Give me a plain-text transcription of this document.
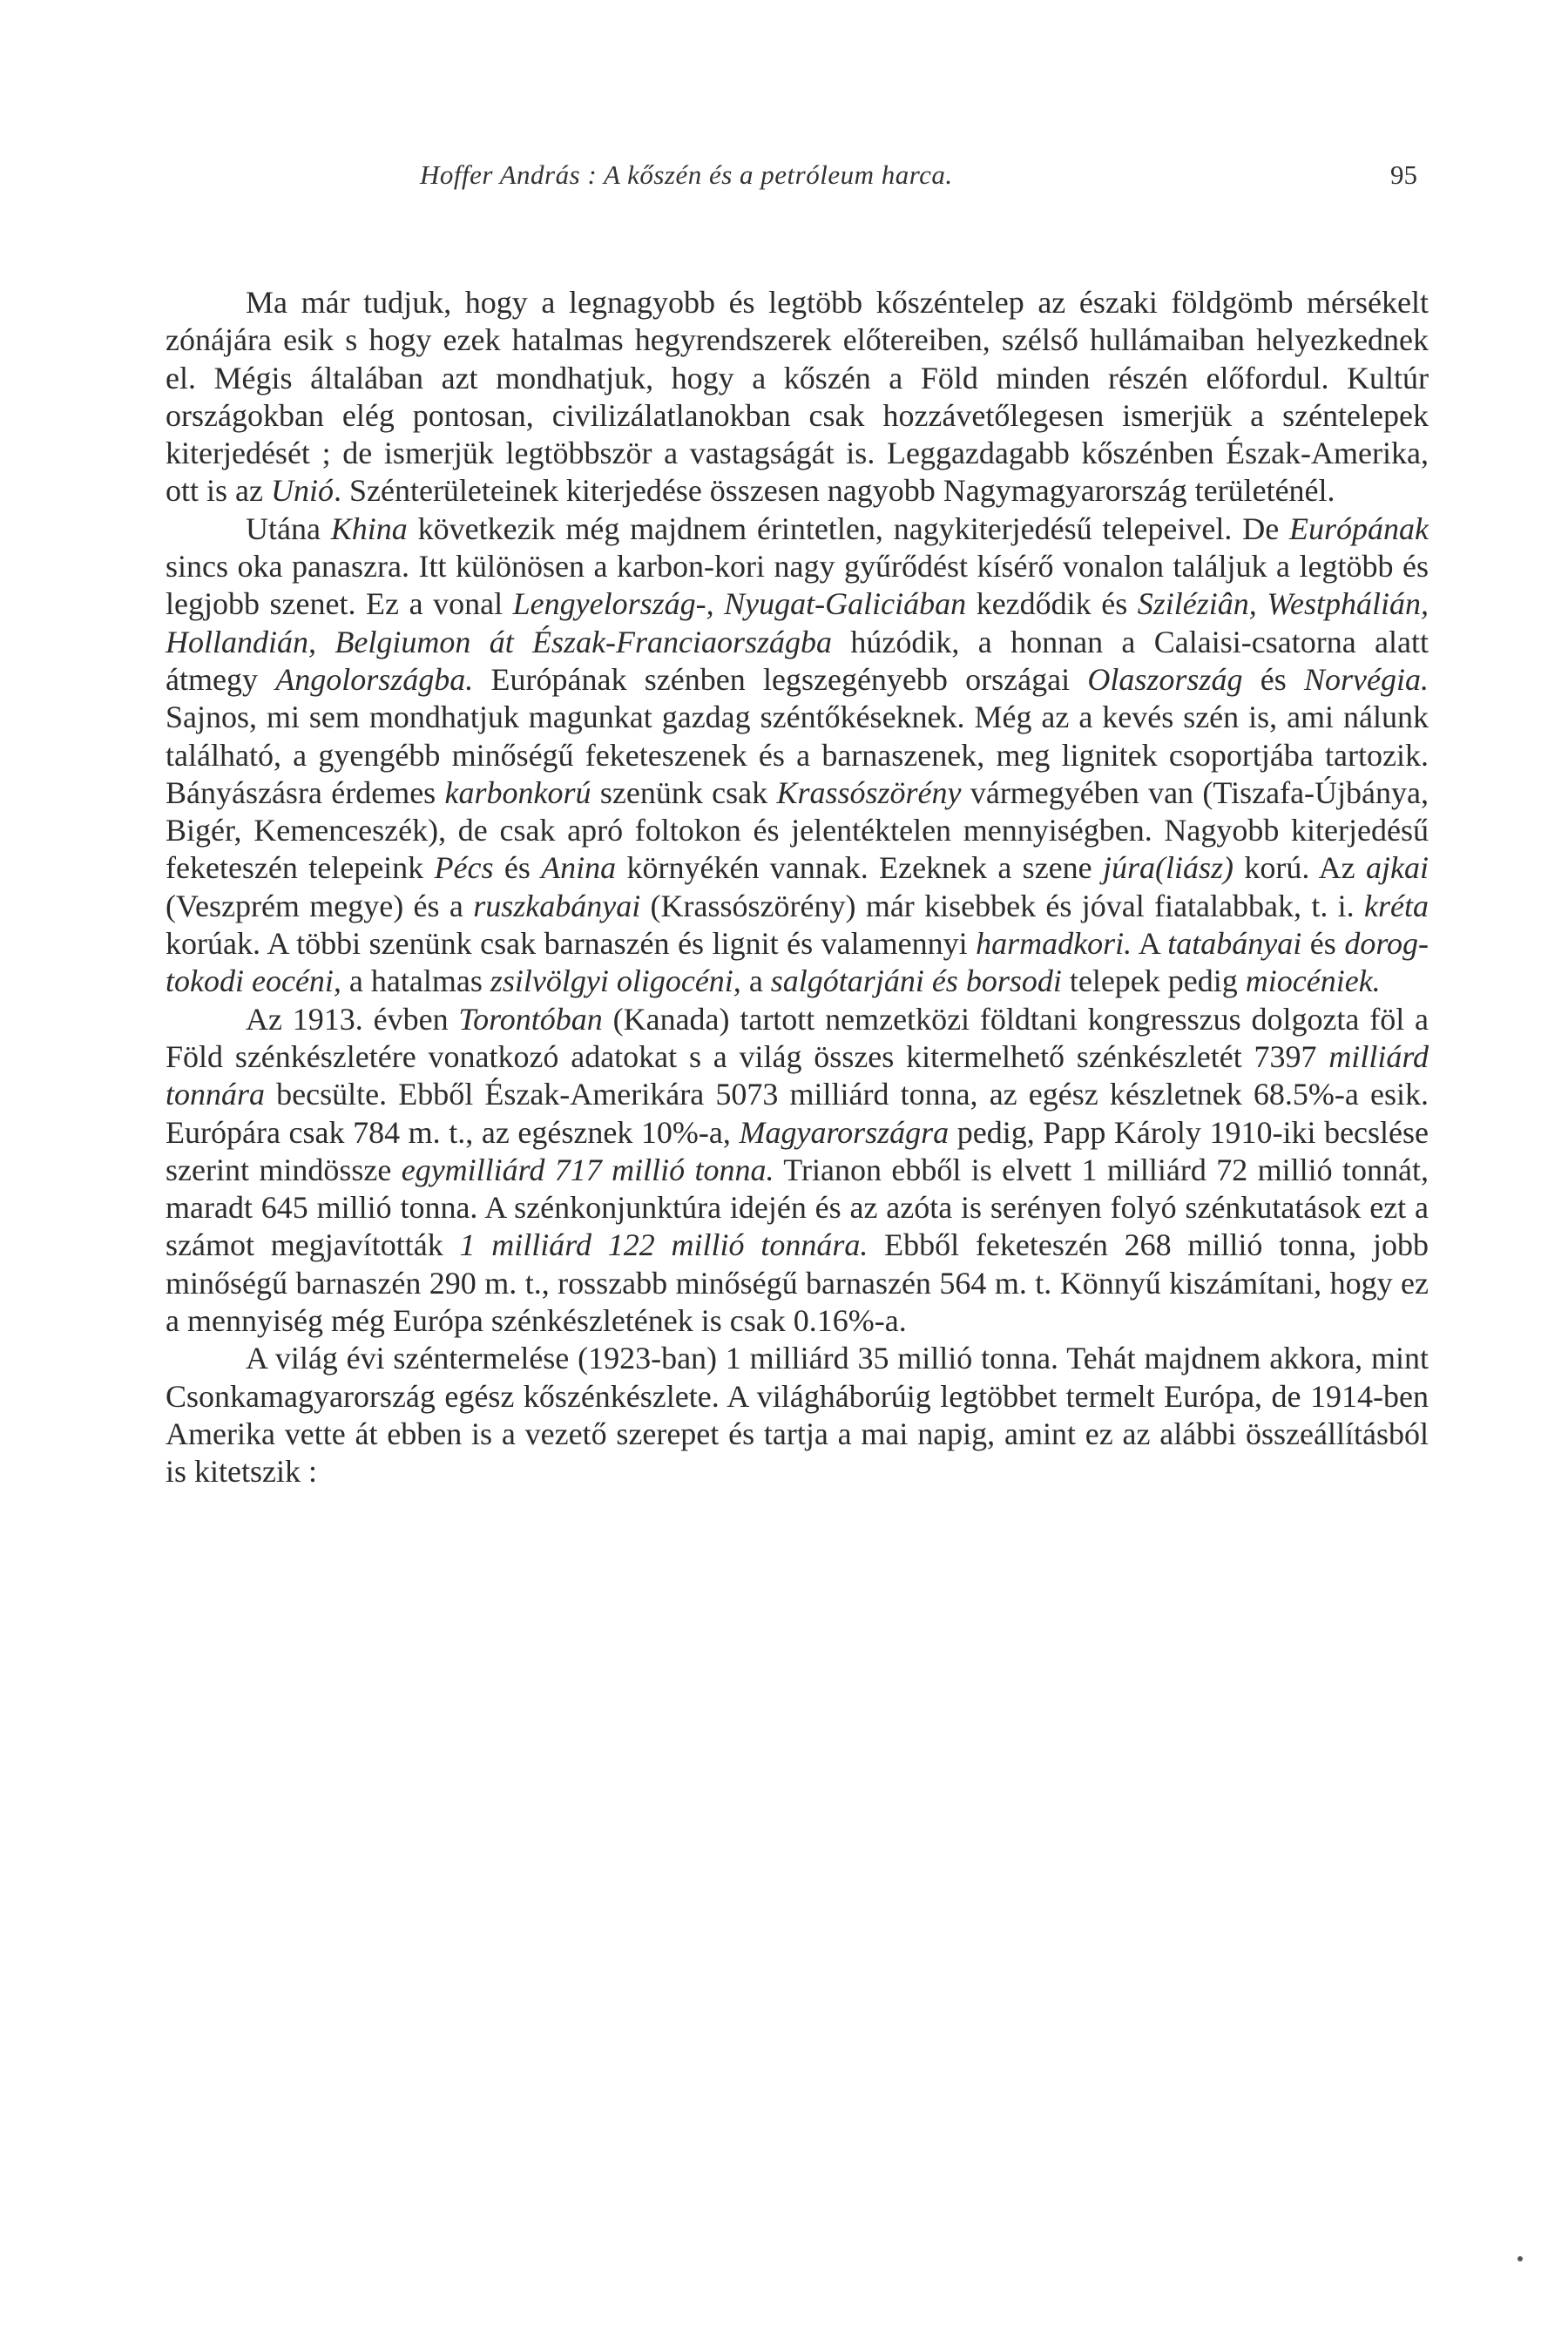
Hoffer András : A kőszén és a petróleum harca.	95

Ma már tudjuk, hogy a legnagyobb és legtöbb kőszéntelep az északi földgömb mérsékelt zónájára esik s hogy ezek hatalmas hegyrendszerek előtereiben, szélső hullámaiban helyezkednek el. Mégis általában azt mondhatjuk, hogy a kőszén a Föld minden részén előfordul. Kultúr országokban elég pontosan, civilizálatlanokban csak hozzávetőlegesen ismerjük a széntelepek kiterjedését ; de ismerjük legtöbbször a vastagságát is. Leggazdagabb kőszénben Észak-Amerika, ott is az Unió. Szénterületeinek kiterjedése összesen nagyobb Nagymagyarország területénél.

Utána Khina következik még majdnem érintetlen, nagykiterjedésű telepeivel. De Európának sincs oka panaszra. Itt különösen a karbon-kori nagy gyűrődést kísérő vonalon találjuk a legtöbb és legjobb szenet. Ez a vonal Lengyelország-, Nyugat-Galiciában kezdődik és Sziléziân, Westphálián, Hollandián, Belgiumon át Észak-Franciaországba húzódik, a honnan a Calaisi-csatorna alatt átmegy Angolországba. Európának szénben legszegényebb országai Olaszország és Norvégia. Sajnos, mi sem mondhatjuk magunkat gazdag széntőkéseknek. Még az a kevés szén is, ami nálunk található, a gyengébb minőségű feketeszenek és a barnaszenek, meg lignitek csoportjába tartozik. Bányászásra érdemes karbonkorú szenünk csak Krassószörény vármegyében van (Tiszafa-Újbánya, Bigér, Kemenceszék), de csak apró foltokon és jelentéktelen mennyiségben. Nagyobb kiterjedésű feketeszén telepeink Pécs és Anina környékén vannak. Ezeknek a szene júra(liász) korú. Az ajkai (Veszprém megye) és a ruszkabányai (Krassószörény) már kisebbek és jóval fiatalabbak, t. i. kréta korúak. A többi szenünk csak barnaszén és lignit és valamennyi harmadkori. A tatabányai és dorog-tokodi eocéni, a hatalmas zsilvölgyi oligocéni, a salgótarjáni és borsodi telepek pedig miocéniek.

Az 1913. évben Torontóban (Kanada) tartott nemzetközi földtani kongresszus dolgozta föl a Föld szénkészletére vonatkozó adatokat s a világ összes kitermelhető szénkészletét 7397 milliárd tonnára becsülte. Ebből Észak-Amerikára 5073 milliárd tonna, az egész készletnek 68.5%-a esik. Európára csak 784 m. t., az egésznek 10%-a, Magyarországra pedig, Papp Károly 1910-iki becslése szerint mindössze egymilliárd 717 millió tonna. Trianon ebből is elvett 1 milliárd 72 millió tonnát, maradt 645 millió tonna. A szénkonjunktúra idején és az azóta is serényen folyó szénkutatások ezt a számot megjavították 1 milliárd 122 millió tonnára. Ebből feketeszén 268 millió tonna, jobb minőségű barnaszén 290 m. t., rosszabb minőségű barnaszén 564 m. t. Könnyű kiszámítani, hogy ez a mennyiség még Európa szénkészletének is csak 0.16%-a.

A világ évi széntermelése (1923-ban) 1 milliárd 35 millió tonna. Tehát majdnem akkora, mint Csonkamagyarország egész kőszénkészlete. A világháborúig legtöbbet termelt Európa, de 1914-ben Amerika vette át ebben is a vezető szerepet és tartja a mai napig, amint ez az alábbi összeállításból is kitetszik :
